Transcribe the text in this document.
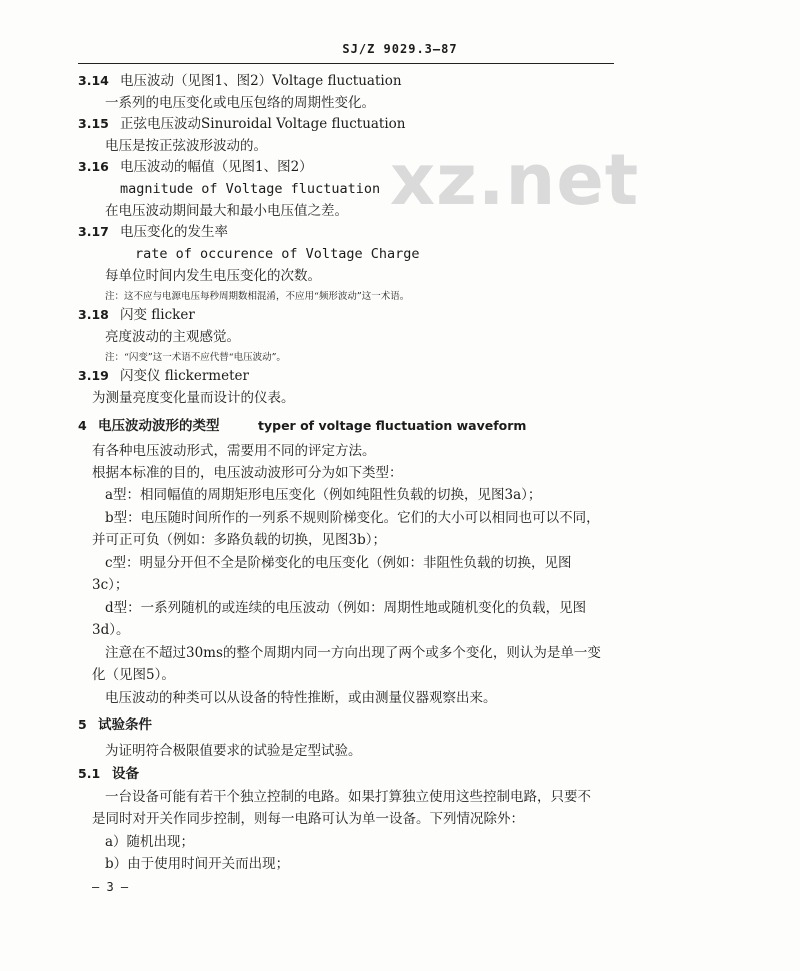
SJ/Z 9029.3—87
xz.net
3.14 电压波动（见图1、图2）Voltage fluctuation
一系列的电压变化或电压包络的周期性变化。
3.15 正弦电压波动Sinuroidal Voltage fluctuation
电压是按正弦波形波动的。
3.16 电压波动的幅值（见图1、图2）
magnitude of Voltage fluctuation
在电压波动期间最大和最小电压值之差。
3.17 电压变化的发生率
rate of occurence of Voltage Charge
每单位时间内发生电压变化的次数。
注：这不应与电源电压每秒周期数相混淆，不应用“频形波动”这一术语。
3.18 闪变 flicker
亮度波动的主观感觉。
注：“闪变”这一术语不应代替“电压波动”。
3.19 闪变仪 flickermeter
为测量亮度变化量而设计的仪表。
4 电压波动波形的类型	typer of voltage fluctuation waveform
有各种电压波动形式，需要用不同的评定方法。
根据本标准的目的，电压波动波形可分为如下类型：
a型：相同幅值的周期矩形电压变化（例如纯阻性负载的切换，见图3a）；
b型：电压随时间所作的一列系不规则阶梯变化。它们的大小可以相同也可以不同，
并可正可负（例如：多路负载的切换，见图3b）；
c型：明显分开但不全是阶梯变化的电压变化（例如：非阻性负载的切换，见图
3c）；
d型：一系列随机的或连续的电压波动（例如：周期性地或随机变化的负载，见图
3d）。
注意在不超过30ms的整个周期内同一方向出现了两个或多个变化，则认为是单一变
化（见图5）。
电压波动的种类可以从设备的特性推断，或由测量仪器观察出来。
5 试验条件
为证明符合极限值要求的试验是定型试验。
5.1 设备
一台设备可能有若干个独立控制的电路。如果打算独立使用这些控制电路，只要不
是同时对开关作同步控制，则每一电路可认为单一设备。下列情况除外：
a）随机出现；
b）由于使用时间开关而出现；
— 3 —
